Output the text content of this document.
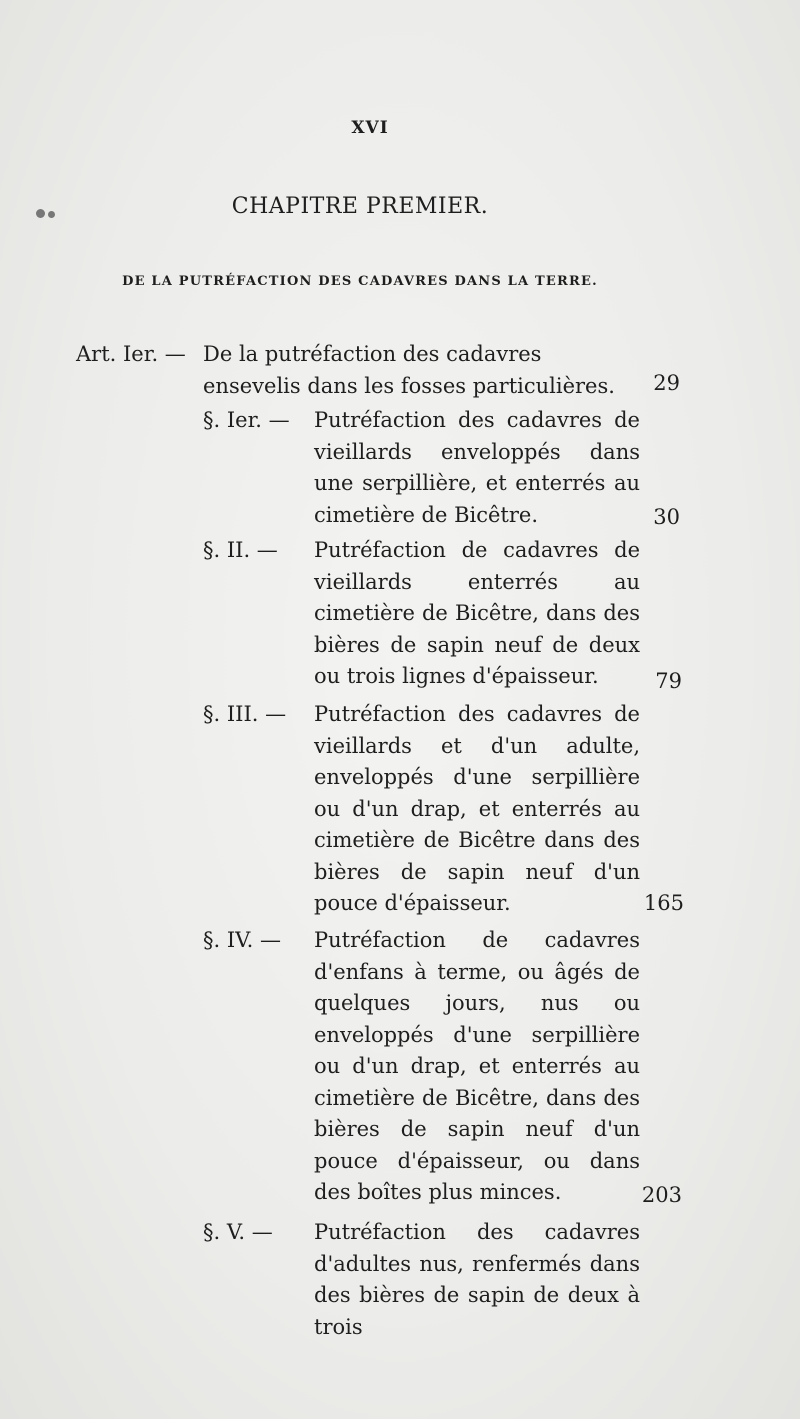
XVI
CHAPITRE PREMIER.
DE LA PUTRÉFACTION DES CADAVRES DANS LA TERRE.
Art. Ier. — De la putréfaction des cadavres ensevelis dans les fosses particulières.	29
§. Ier. — Putréfaction des cadavres de vieillards enveloppés dans une serpillière, et enterrés au cimetière de Bicêtre.	30
§. II. — Putréfaction de cadavres de vieillards enterrés au cimetière de Bicêtre, dans des bières de sapin neuf de deux ou trois lignes d'épaisseur.	79
§. III. — Putréfaction des cadavres de vieillards et d'un adulte, enveloppés d'une serpillière ou d'un drap, et enterrés au cimetière de Bicêtre dans des bières de sapin neuf d'un pouce d'épaisseur.	165
§. IV. — Putréfaction de cadavres d'enfans à terme, ou âgés de quelques jours, nus ou enveloppés d'une serpillière ou d'un drap, et enterrés au cimetière de Bicêtre, dans des bières de sapin neuf d'un pouce d'épaisseur, ou dans des boîtes plus minces.	203
§. V. — Putréfaction des cadavres d'adultes nus, renfermés dans des bières de sapin de deux à trois
